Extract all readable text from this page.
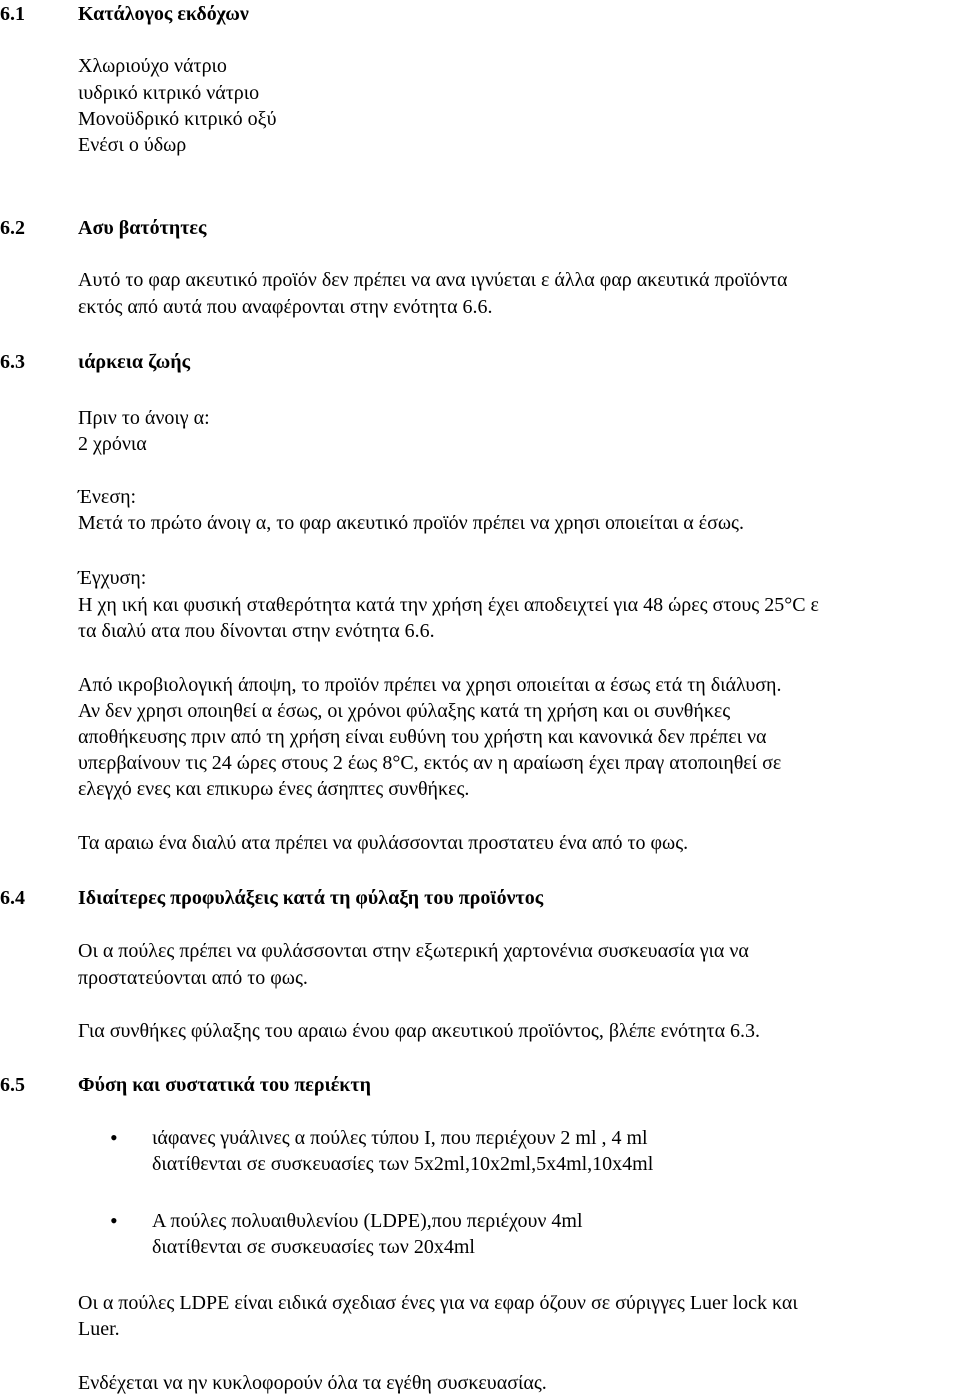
6.1	Κατάλογος εκδόχων
Χλωριούχο νάτριο
ιυδρικό κιτρικό νάτριο
Μονοϋδρικό κιτρικό οξύ
Ενέσι ο ύδωρ
6.2	Ασυ βατότητες
Αυτό το φαρ ακευτικό προϊόν δεν πρέπει να ανα ιγνύεται ε άλλα φαρ ακευτικά προϊόντα
εκτός από αυτά που αναφέρονται στην ενότητα 6.6.
6.3	ιάρκεια ζωής
Πριν το άνοιγ α:
2 χρόνια
Ένεση:
Μετά το πρώτο άνοιγ α, το φαρ ακευτικό προϊόν πρέπει να χρησι οποιείται α έσως.
Έγχυση:
Η χη ική και φυσική σταθερότητα κατά την χρήση έχει αποδειχτεί για 48 ώρες στους 25°C ε
τα διαλύ ατα που δίνονται στην ενότητα 6.6.
Από ικροβιολογική άποψη, το προϊόν πρέπει να χρησι οποιείται α έσως ετά τη διάλυση.
Αν δεν χρησι οποιηθεί α έσως, οι χρόνοι φύλαξης κατά τη χρήση και οι συνθήκες
αποθήκευσης πριν από τη χρήση είναι ευθύνη του χρήστη και κανονικά δεν πρέπει να
υπερβαίνουν τις 24 ώρες στους 2 έως 8°C, εκτός αν η αραίωση έχει πραγ ατοποιηθεί σε
ελεγχό ενες και επικυρω ένες άσηπτες συνθήκες.
Τα αραιω ένα διαλύ ατα πρέπει να φυλάσσονται προστατευ ένα από το φως.
6.4	Ιδιαίτερες προφυλάξεις κατά τη φύλαξη του προϊόντος
Οι α πούλες πρέπει να φυλάσσονται στην εξωτερική χαρτονένια συσκευασία για να
προστατεύονται από το φως.
Για συνθήκες φύλαξης του αραιω ένου φαρ ακευτικού προϊόντος, βλέπε ενότητα 6.3.
6.5	Φύση και συστατικά του περιέκτη
• ιάφανες γυάλινες α πούλες τύπου Ι, που περιέχουν 2 ml , 4 ml
διατίθενται σε συσκευασίες των 5x2ml,10x2ml,5x4ml,10x4ml
• Α πούλες πολυαιθυλενίου (LDPE),που περιέχουν 4ml
διατίθενται σε συσκευασίες των 20x4ml
Οι α πούλες LDPE είναι ειδικά σχεδιασ ένες για να εφαρ όζουν σε σύριγγες Luer lock και
Luer.
Ενδέχεται να ην κυκλοφορούν όλα τα εγέθη συσκευασίας.
